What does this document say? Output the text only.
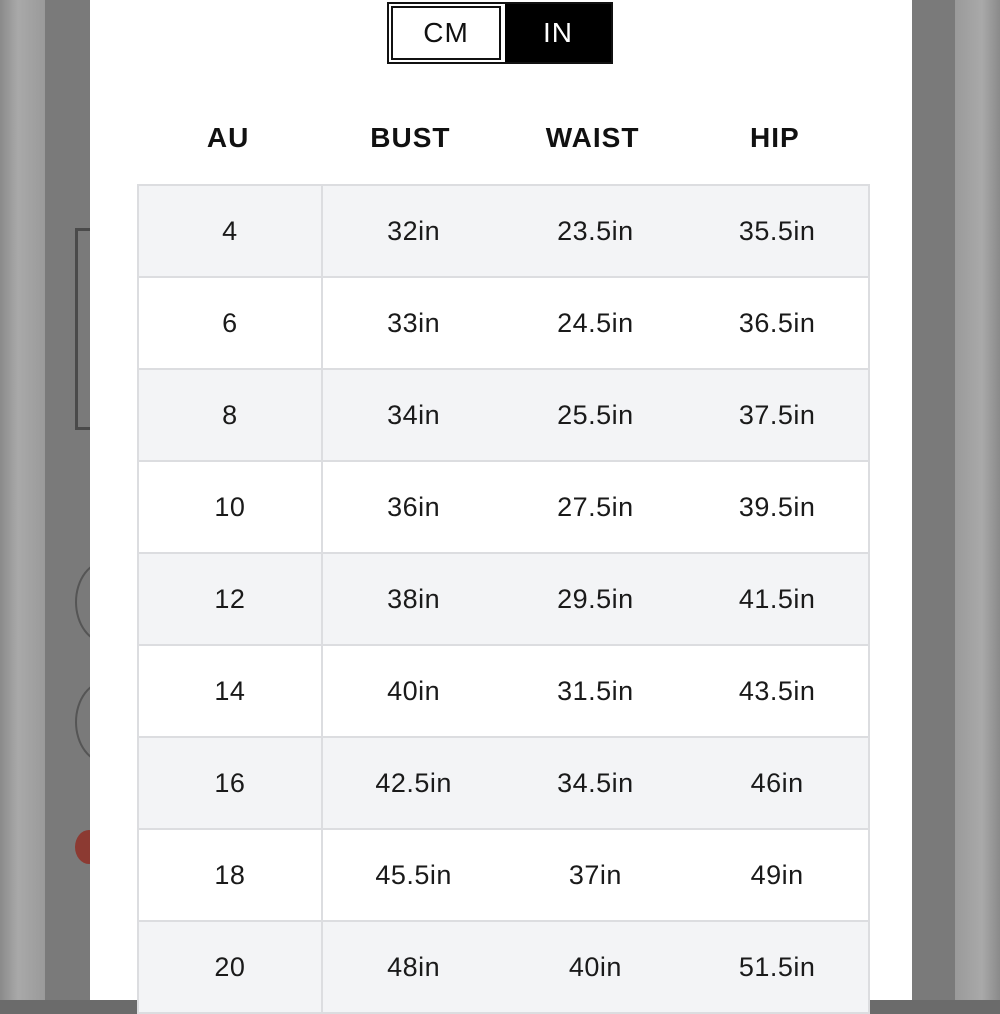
CM	IN
AU	BUST	WAIST	HIP
4	32in	23.5in	35.5in
6	33in	24.5in	36.5in
8	34in	25.5in	37.5in
10	36in	27.5in	39.5in
12	38in	29.5in	41.5in
14	40in	31.5in	43.5in
16	42.5in	34.5in	46in
18	45.5in	37in	49in
20	48in	40in	51.5in
